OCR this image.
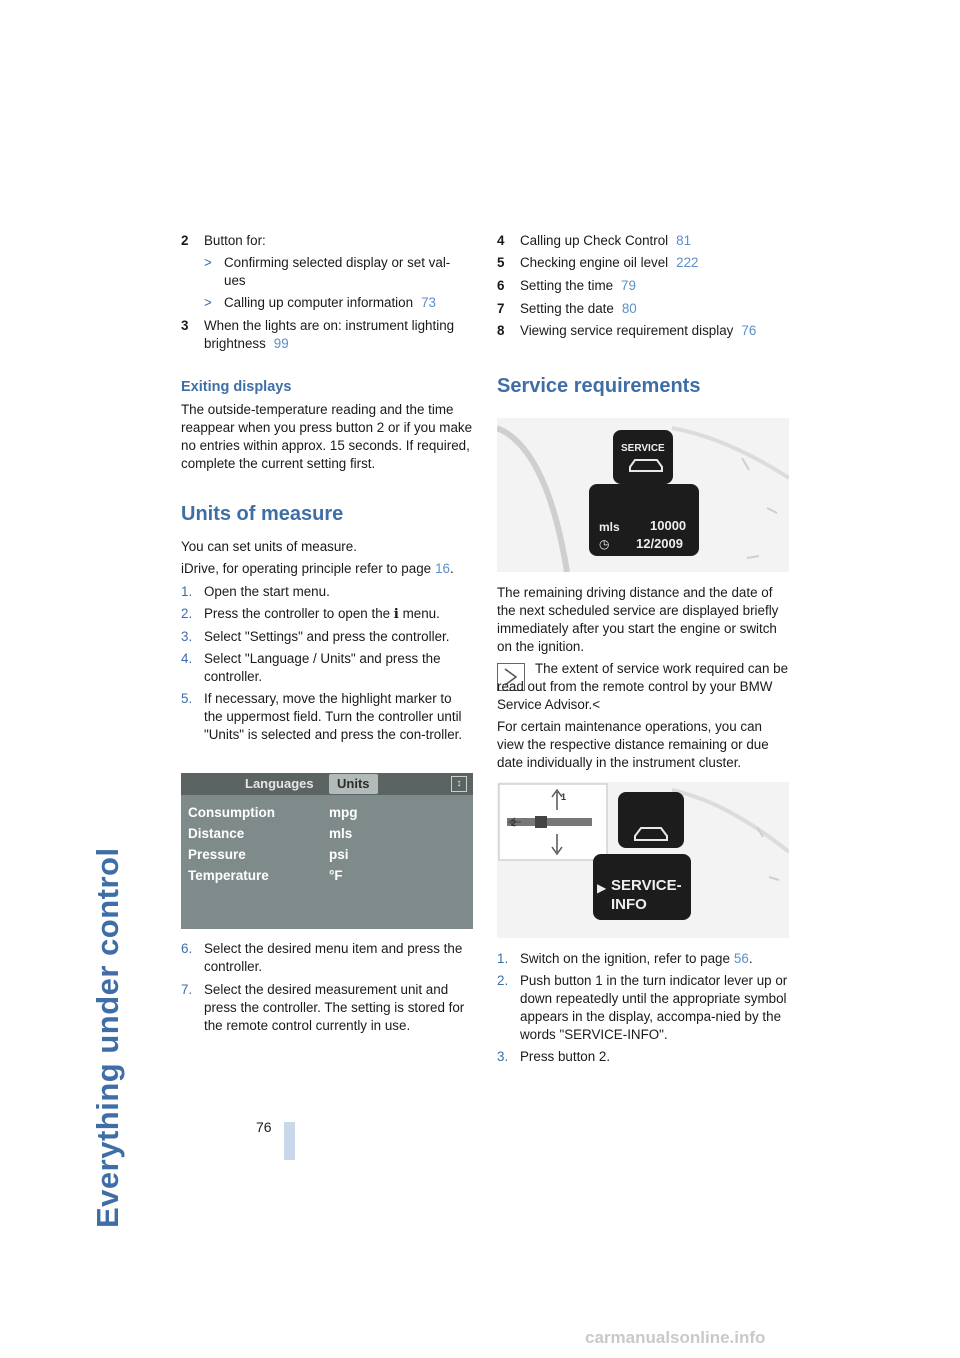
Everything under control
2	Button for:
> Confirming selected display or set val-ues
> Calling up computer information 73
3	When the lights are on: instrument lighting brightness 99
Exiting displays
The outside-temperature reading and the time reappear when you press button 2 or if you make no entries within approx. 15 seconds. If required, complete the current setting first.
Units of measure
You can set units of measure.
iDrive, for operating principle refer to page 16.
1. Open the start menu.
2. Press the controller to open the ℹ menu.
3. Select "Settings" and press the controller.
4. Select "Language / Units" and press the controller.
5. If necessary, move the highlight marker to the uppermost field. Turn the controller until "Units" is selected and press the con-troller.
Languages	Units	↕
Consumption	mpg
Distance	mls
Pressure	psi
Temperature	°F
6. Select the desired menu item and press the controller.
7. Select the desired measurement unit and press the controller. The setting is stored for the remote control currently in use.
4	Calling up Check Control 81
5	Checking engine oil level 222
6	Setting the time 79
7	Setting the date 80
8	Viewing service requirement display 76
Service requirements
SERVICE
mls 10000
◷ 12/2009
The remaining driving distance and the date of the next scheduled service are displayed briefly immediately after you start the engine or switch on the ignition.
The extent of service work required can be read out from the remote control by your BMW Service Advisor.<
For certain maintenance operations, you can view the respective distance remaining or due date individually in the instrument cluster.
1
2
▶ SERVICE-
INFO
1. Switch on the ignition, refer to page 56.
2. Push button 1 in the turn indicator lever up or down repeatedly until the appropriate symbol appears in the display, accompa-nied by the words "SERVICE-INFO".
3. Press button 2.
76
carmanualsonline.info
